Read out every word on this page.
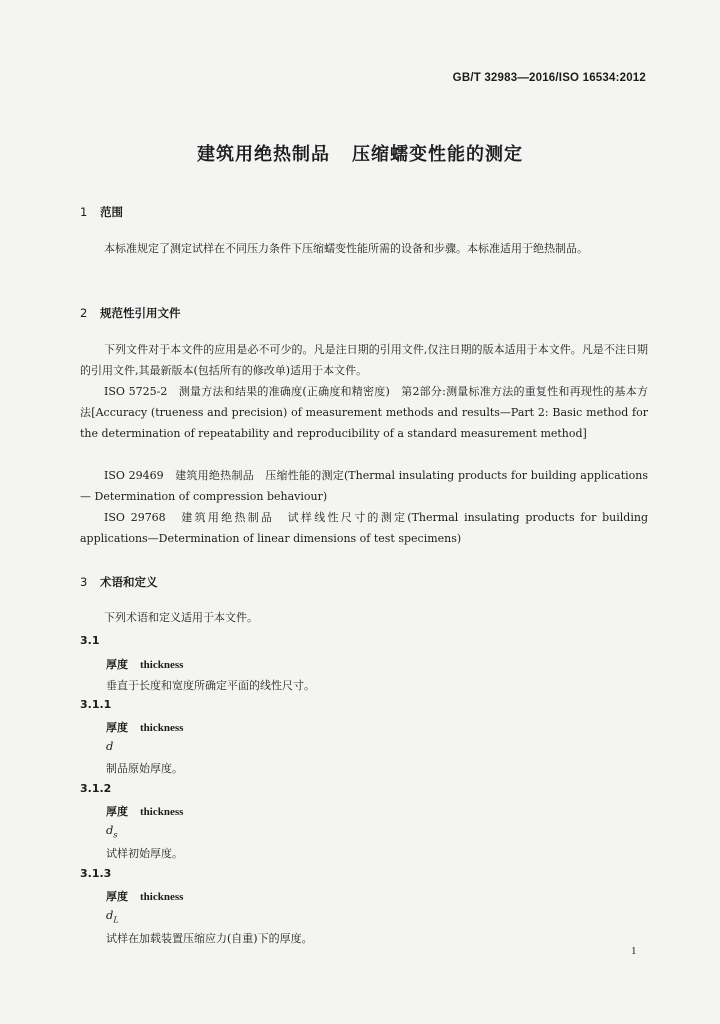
GB/T 32983—2016/ISO 16534:2012
建筑用绝热制品 压缩蠕变性能的测定
1 范围
本标准规定了测定试样在不同压力条件下压缩蠕变性能所需的设备和步骤。本标准适用于绝热制品。
2 规范性引用文件
下列文件对于本文件的应用是必不可少的。凡是注日期的引用文件,仅注日期的版本适用于本文件。凡是不注日期的引用文件,其最新版本(包括所有的修改单)适用于本文件。
ISO 5725-2　测量方法和结果的准确度(正确度和精密度)　第2部分:测量标准方法的重复性和再现性的基本方法[Accuracy (trueness and precision) of measurement methods and results—Part 2: Basic method for the determination of repeatability and reproducibility of a standard measurement method]
ISO 29469　建筑用绝热制品　压缩性能的测定(Thermal insulating products for building applications— Determination of compression behaviour)
ISO 29768　建筑用绝热制品　试样线性尺寸的测定(Thermal insulating products for building applications—Determination of linear dimensions of test specimens)
3 术语和定义
下列术语和定义适用于本文件。
3.1
厚度 thickness
垂直于长度和宽度所确定平面的线性尺寸。
3.1.1
厚度 thickness
d
制品原始厚度。
3.1.2
厚度 thickness
$d_s$
试样初始厚度。
3.1.3
厚度 thickness
$d_L$
试样在加载装置压缩应力(自重)下的厚度。
1
